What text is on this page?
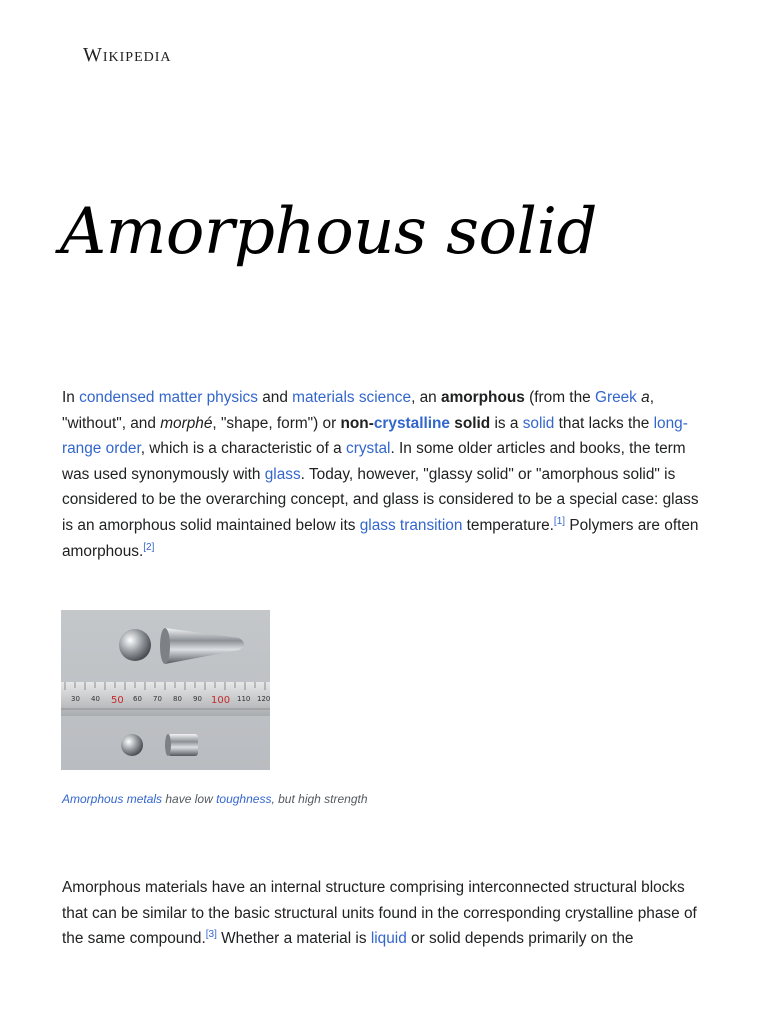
Wikipedia
Amorphous solid

In condensed matter physics and materials science, an amorphous (from the Greek a, "without", and morphé, "shape, form") or non-crystalline solid is a solid that lacks the long-range order, which is a characteristic of a crystal. In some older articles and books, the term was used synonymously with glass. Today, however, "glassy solid" or "amorphous solid" is considered to be the overarching concept, and glass is considered to be a special case: glass is an amorphous solid maintained below its glass transition temperature.[1] Polymers are often amorphous.[2]

30 40 50 60 70 80 90 100 110 120

Amorphous metals have low toughness, but high strength

Amorphous materials have an internal structure comprising interconnected structural blocks that can be similar to the basic structural units found in the corresponding crystalline phase of the same compound.[3] Whether a material is liquid or solid depends primarily on the
